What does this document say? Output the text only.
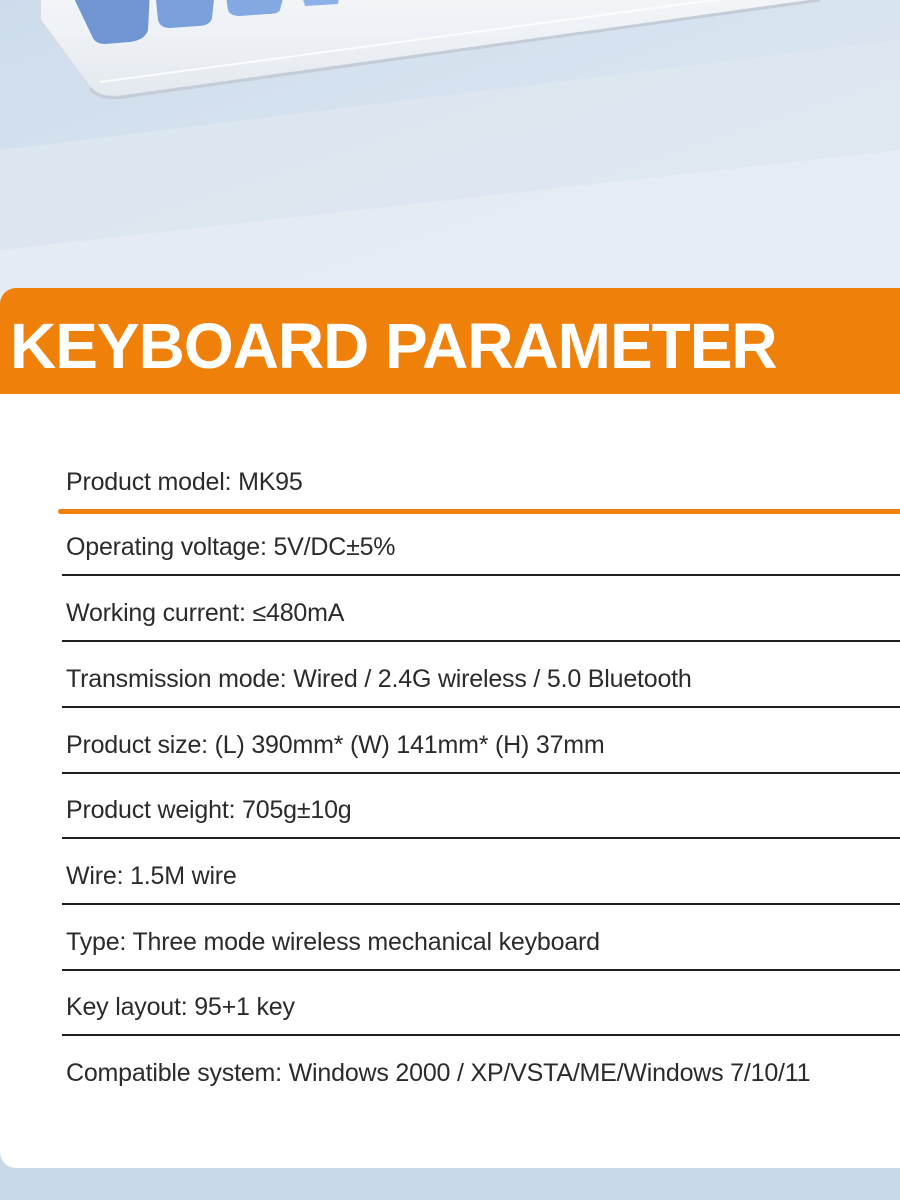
KEYBOARD PARAMETER
Product model: MK95
Operating voltage: 5V/DC±5%
Working current: ≤480mA
Transmission mode: Wired / 2.4G wireless / 5.0 Bluetooth
Product size: (L) 390mm* (W) 141mm* (H) 37mm
Product weight: 705g±10g
Wire: 1.5M wire
Type: Three mode wireless mechanical keyboard
Key layout: 95+1 key
Compatible system: Windows 2000 / XP/VSTA/ME/Windows 7/10/11
